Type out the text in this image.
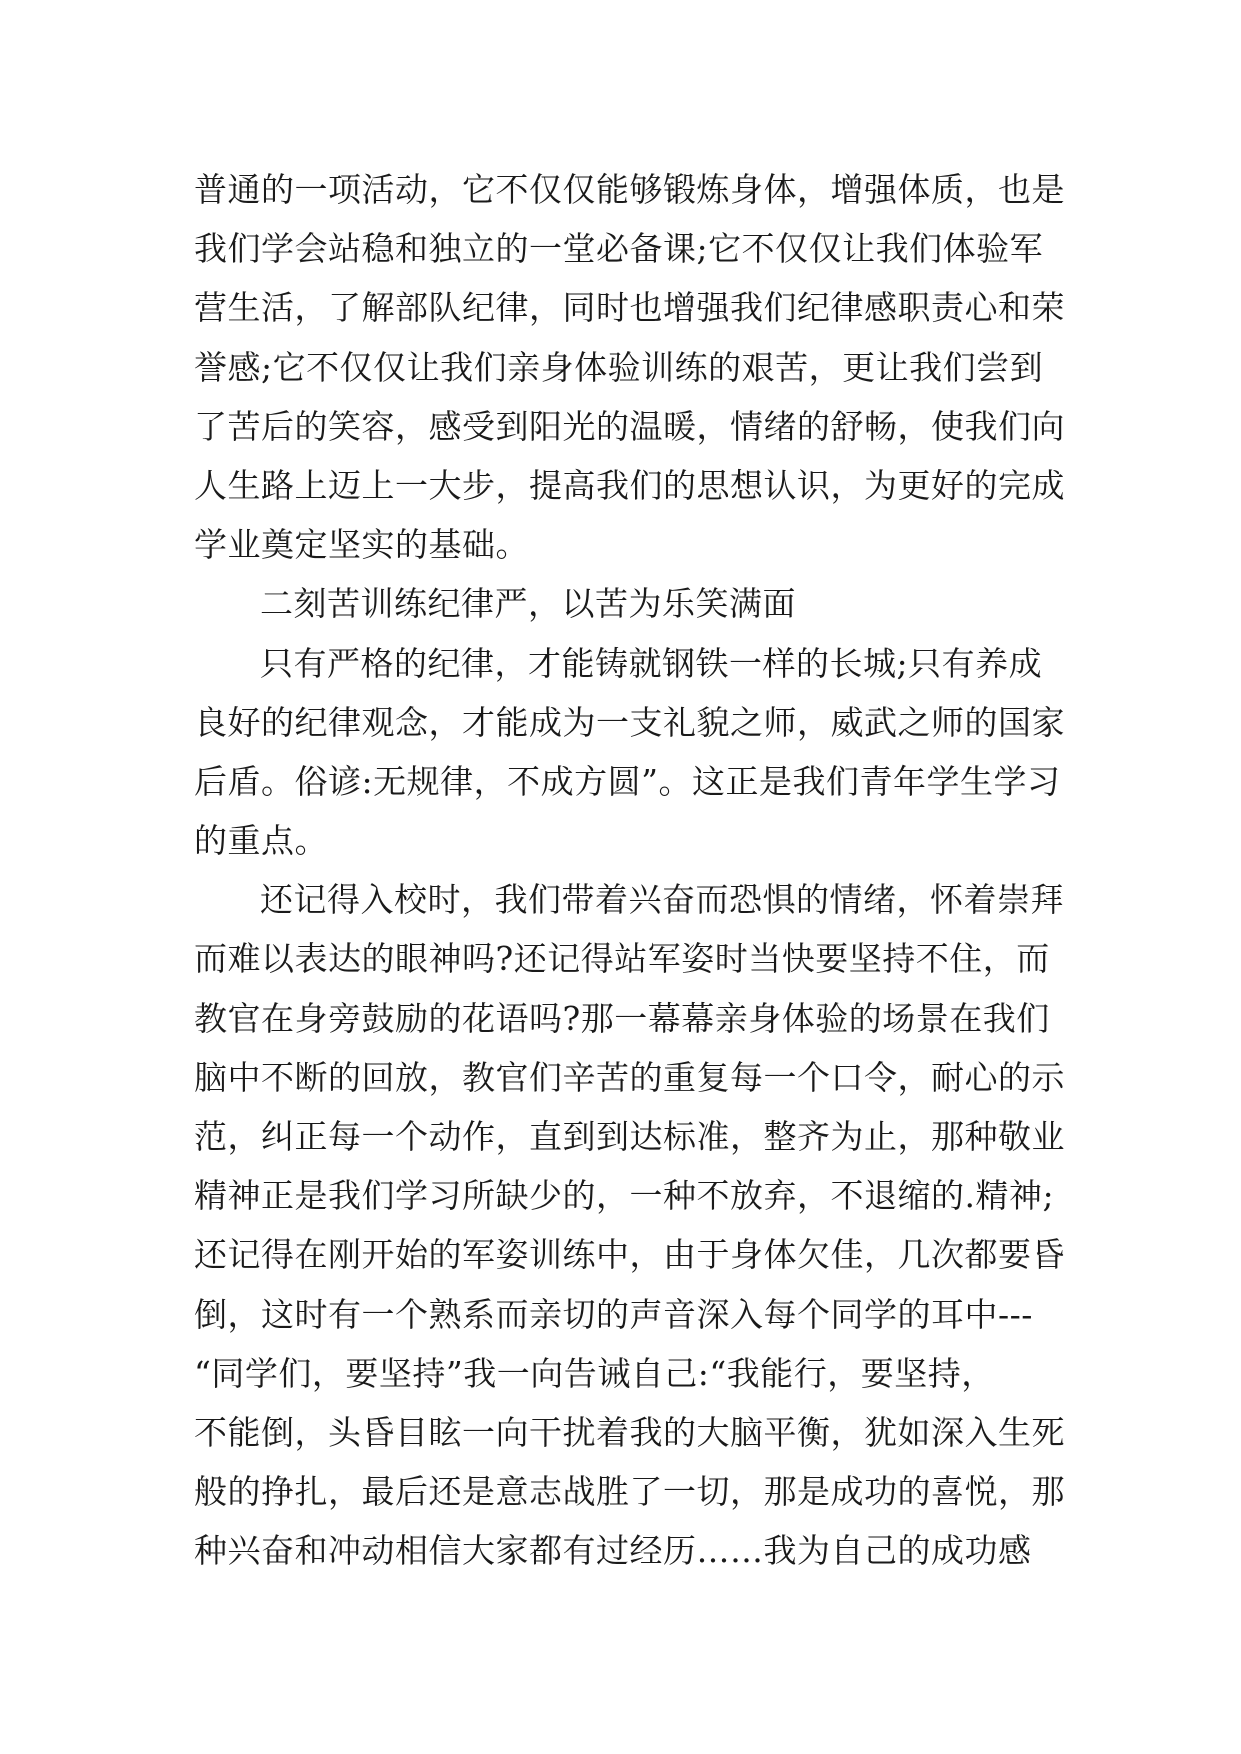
普通的一项活动，它不仅仅能够锻炼身体，增强体质，也是
我们学会站稳和独立的一堂必备课;它不仅仅让我们体验军
营生活，了解部队纪律，同时也增强我们纪律感职责心和荣
誉感;它不仅仅让我们亲身体验训练的艰苦，更让我们尝到
了苦后的笑容，感受到阳光的温暖，情绪的舒畅，使我们向
人生路上迈上一大步，提高我们的思想认识，为更好的完成
学业奠定坚实的基础。
二刻苦训练纪律严，以苦为乐笑满面
只有严格的纪律，才能铸就钢铁一样的长城;只有养成
良好的纪律观念，才能成为一支礼貌之师，威武之师的国家
后盾。俗谚:无规律，不成方圆”。这正是我们青年学生学习
的重点。
还记得入校时，我们带着兴奋而恐惧的情绪，怀着崇拜
而难以表达的眼神吗?还记得站军姿时当快要坚持不住，而
教官在身旁鼓励的花语吗?那一幕幕亲身体验的场景在我们
脑中不断的回放，教官们辛苦的重复每一个口令，耐心的示
范，纠正每一个动作，直到到达标准，整齐为止，那种敬业
精神正是我们学习所缺少的，一种不放弃，不退缩的.精神;
还记得在刚开始的军姿训练中，由于身体欠佳，几次都要昏
倒，这时有一个熟系而亲切的声音深入每个同学的耳中---
“同学们，要坚持”我一向告诫自己:“我能行，要坚持，
不能倒，头昏目眩一向干扰着我的大脑平衡，犹如深入生死
般的挣扎，最后还是意志战胜了一切，那是成功的喜悦，那
种兴奋和冲动相信大家都有过经历……我为自己的成功感
